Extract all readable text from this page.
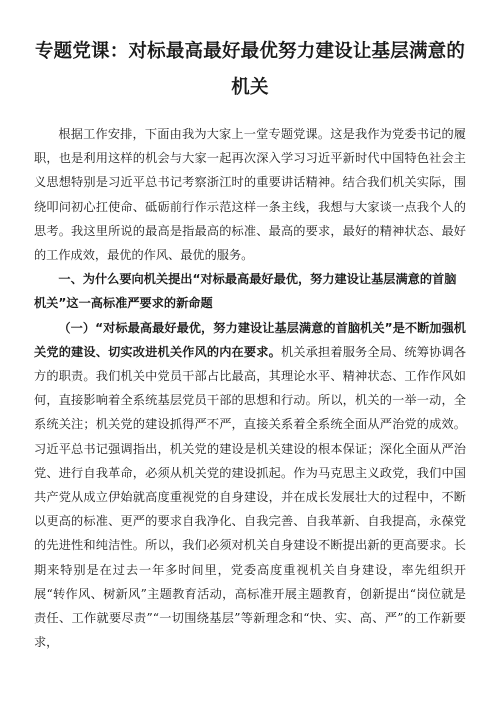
专题党课：对标最高最好最优努力建设让基层满意的机关

根据工作安排，下面由我为大家上一堂专题党课。这是我作为党委书记的履职，也是利用这样的机会与大家一起再次深入学习习近平新时代中国特色社会主义思想特别是习近平总书记考察浙江时的重要讲话精神。结合我们机关实际，围绕叩问初心扛使命、砥砺前行作示范这样一条主线，我想与大家谈一点我个人的思考。我这里所说的最高是指最高的标准、最高的要求，最好的精神状态、最好的工作成效，最优的作风、最优的服务。

一、为什么要向机关提出“对标最高最好最优，努力建设让基层满意的首脑机关”这一高标准严要求的新命题

（一）“对标最高最好最优，努力建设让基层满意的首脑机关”是不断加强机关党的建设、切实改进机关作风的内在要求。机关承担着服务全局、统筹协调各方的职责。我们机关中党员干部占比最高，其理论水平、精神状态、工作作风如何，直接影响着全系统基层党员干部的思想和行动。所以，机关的一举一动，全系统关注；机关党的建设抓得严不严，直接关系着全系统全面从严治党的成效。习近平总书记强调指出，机关党的建设是机关建设的根本保证；深化全面从严治党、进行自我革命，必须从机关党的建设抓起。作为马克思主义政党，我们中国共产党从成立伊始就高度重视党的自身建设，并在成长发展壮大的过程中，不断以更高的标准、更严的要求自我净化、自我完善、自我革新、自我提高，永葆党的先进性和纯洁性。所以，我们必须对机关自身建设不断提出新的更高要求。长期来特别是在过去一年多时间里，党委高度重视机关自身建设，率先组织开展“转作风、树新风”主题教育活动，高标准开展主题教育，创新提出“岗位就是责任、工作就要尽责”“一切围绕基层”等新理念和“快、实、高、严”的工作新要求，
